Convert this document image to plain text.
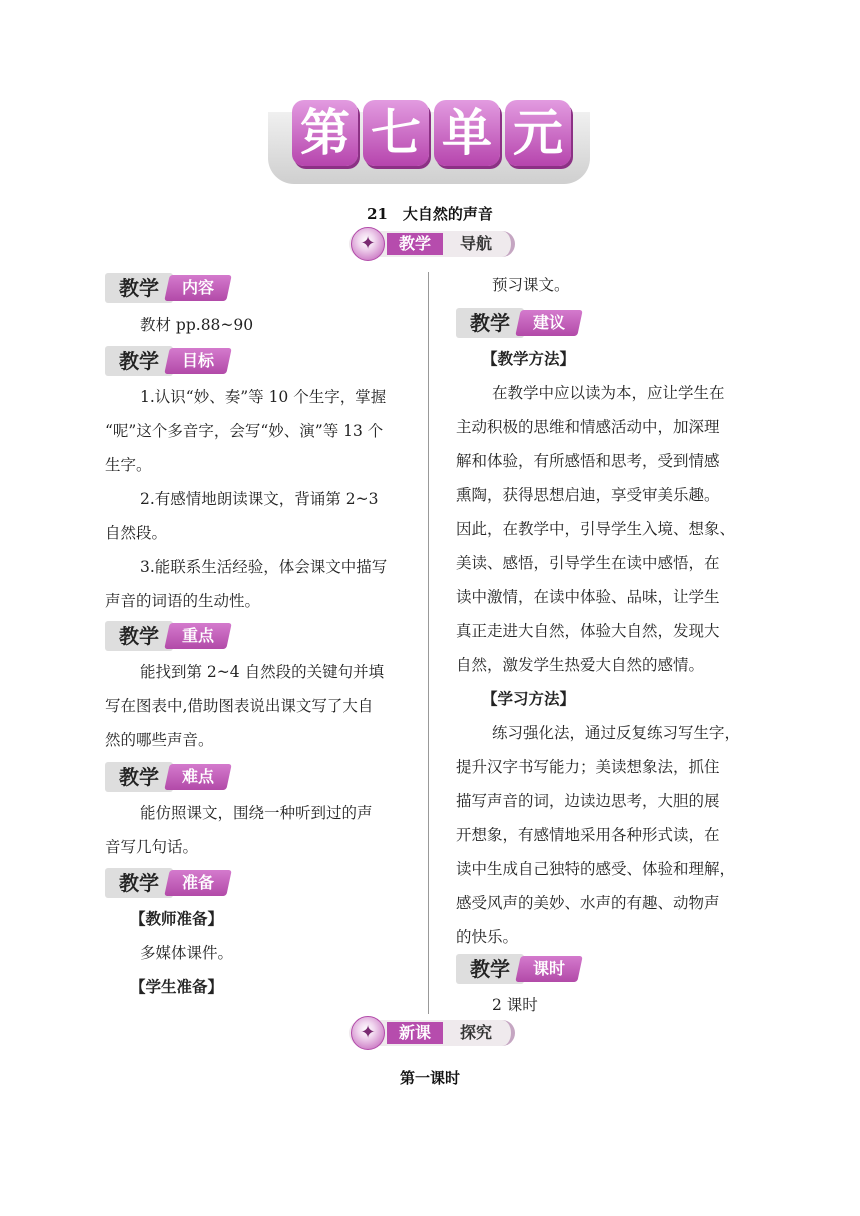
第 七 单 元
21　大自然的声音
✦	教学	导航
教学	内容

教材 pp.88~90

教学	目标

1.认识“妙、奏”等 10 个生字，掌握

“呢”这个多音字，会写“妙、演”等 13 个

生字。

2.有感情地朗读课文，背诵第 2~3

自然段。

3.能联系生活经验，体会课文中描写

声音的词语的生动性。

教学	重点

能找到第 2~4 自然段的关键句并填

写在图表中,借助图表说出课文写了大自

然的哪些声音。

教学	难点

能仿照课文，围绕一种听到过的声

音写几句话。

教学	准备

【教师准备】

多媒体课件。

【学生准备】

预习课文。

教学	建议

【教学方法】

在教学中应以读为本，应让学生在

主动积极的思维和情感活动中，加深理

解和体验，有所感悟和思考，受到情感

熏陶，获得思想启迪，享受审美乐趣。

因此，在教学中，引导学生入境、想象、

美读、感悟，引导学生在读中感悟，在

读中激情，在读中体验、品味，让学生

真正走进大自然，体验大自然，发现大

自然，激发学生热爱大自然的感情。

【学习方法】

练习强化法，通过反复练习写生字，

提升汉字书写能力；美读想象法，抓住

描写声音的词，边读边思考，大胆的展

开想象，有感情地采用各种形式读，在

读中生成自己独特的感受、体验和理解，

感受风声的美妙、水声的有趣、动物声

的快乐。

教学	课时

2 课时

✦	新课	探究
第一课时
